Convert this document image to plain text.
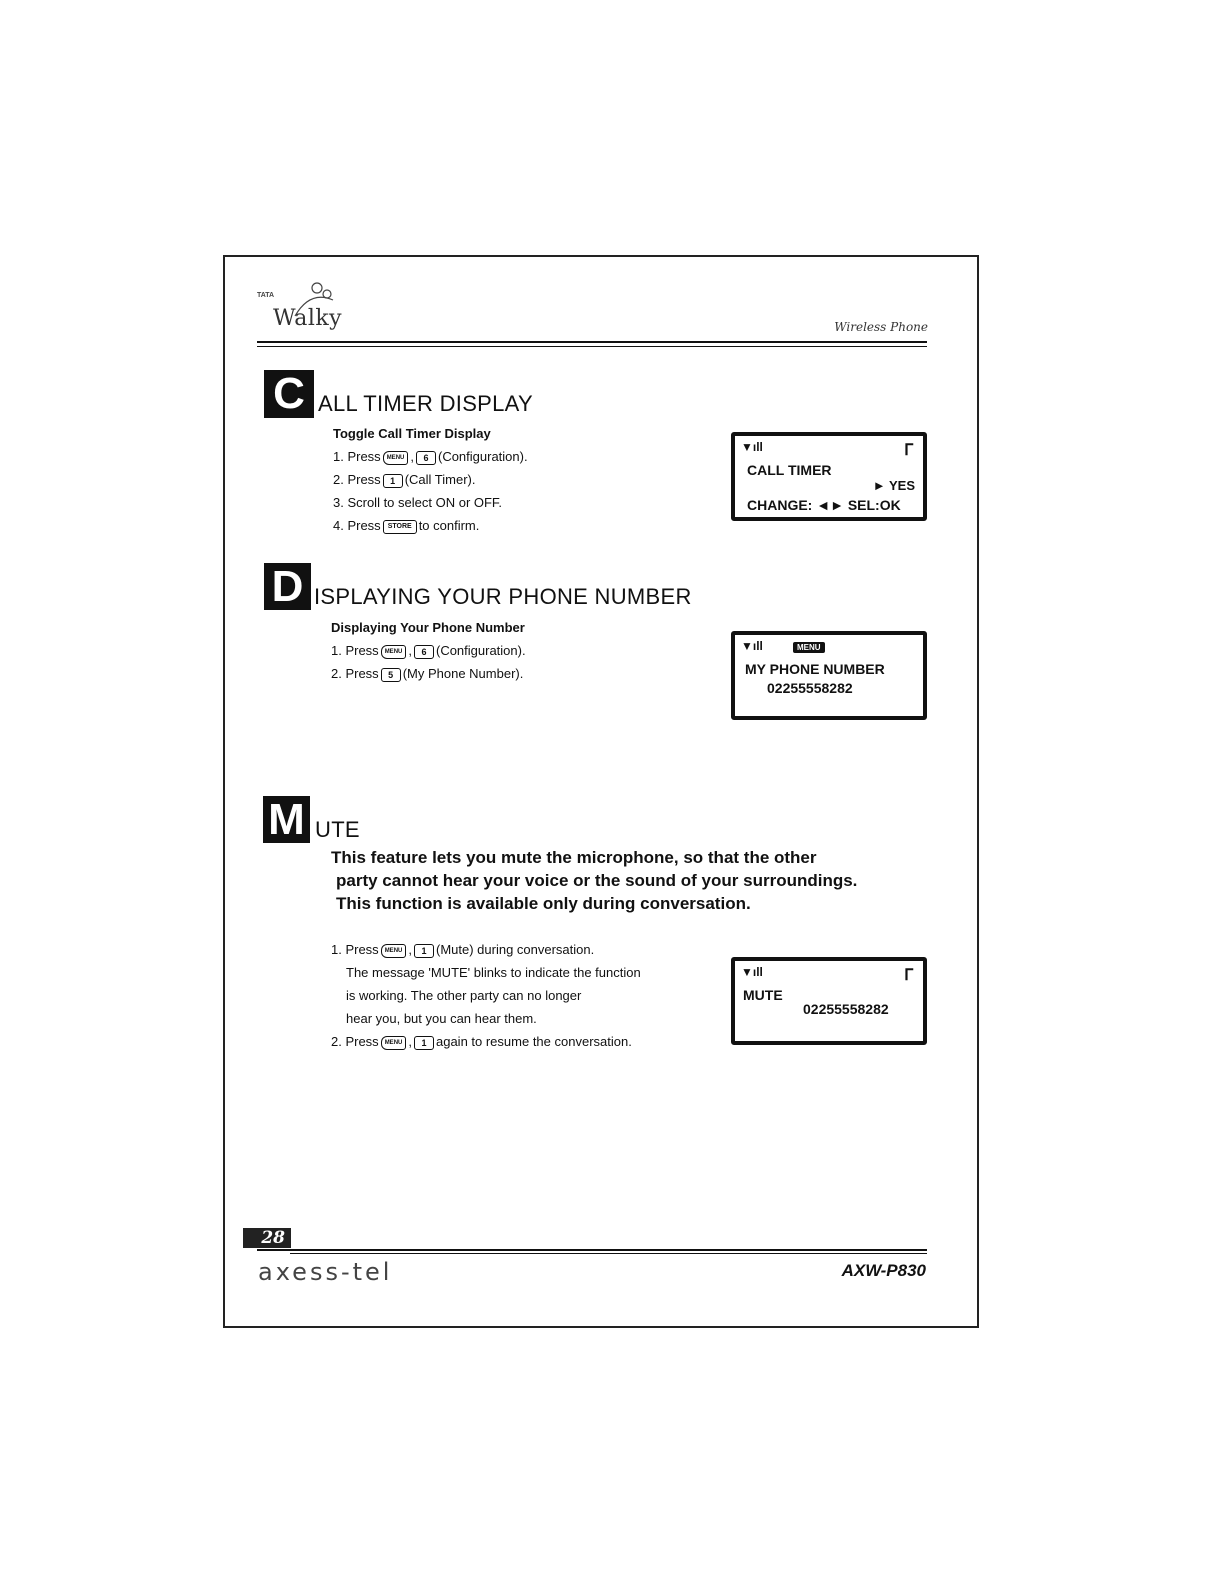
TATA
Walky	Wireless Phone
C ALL TIMER DISPLAY
Toggle Call Timer Display
1. Press MENU , 6 (Configuration).
2. Press 1 (Call Timer).
3. Scroll to select ON or OFF.
4. Press STORE to confirm.
▼ıll	ᒥ
CALL TIMER
► YES
CHANGE: ◄► SEL:OK
D ISPLAYING YOUR PHONE NUMBER
Displaying Your Phone Number
1. Press MENU , 6 (Configuration).
2. Press 5 (My Phone Number).
▼ıll	MENU
MY PHONE NUMBER
02255558282
M UTE
This feature lets you mute the microphone, so that the other
party cannot hear your voice or the sound of your surroundings.
This function is available only during conversation.
1. Press MENU , 1 (Mute) during conversation.
The message 'MUTE' blinks to indicate the function
is working. The other party can no longer
hear you, but you can hear them.
2. Press MENU , 1 again to resume the conversation.
▼ıll	ᒥ
MUTE
02255558282
28
axess-tel	AXW-P830
